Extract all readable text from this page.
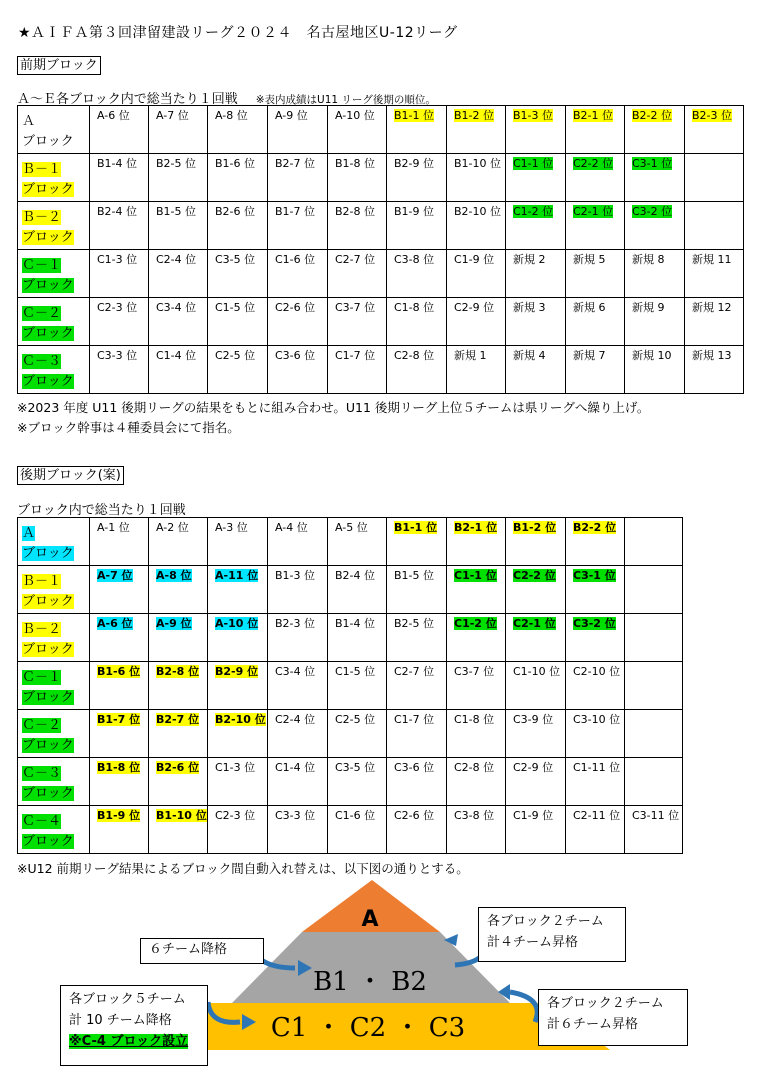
★ＡＩＦＡ第３回津留建設リーグ２０２４　名古屋地区U-12リーグ
前期ブロック
Ａ～Ｅ各ブロック内で総当たり１回戦 ※表内成績はU11 リーグ後期の順位。
Ａ
ブロック	A-6 位	A-7 位	A-8 位	A-9 位	A-10 位	B1-1 位	B1-2 位	B1-3 位	B2-1 位	B2-2 位	B2-3 位

Ｂ－１
ブロック	B1-4 位	B2-5 位	B1-6 位	B2-7 位	B1-8 位	B2-9 位	B1-10 位	C1-1 位	C2-2 位	C3-1 位	

Ｂ－２
ブロック	B2-4 位	B1-5 位	B2-6 位	B1-7 位	B2-8 位	B1-9 位	B2-10 位	C1-2 位	C2-1 位	C3-2 位	

Ｃ－１
ブロック	C1-3 位	C2-4 位	C3-5 位	C1-6 位	C2-7 位	C3-8 位	C1-9 位	新規 2	新規 5	新規 8	新規 11

Ｃ－２
ブロック	C2-3 位	C3-4 位	C1-5 位	C2-6 位	C3-7 位	C1-8 位	C2-9 位	新規 3	新規 6	新規 9	新規 12

Ｃ－３
ブロック	C3-3 位	C1-4 位	C2-5 位	C3-6 位	C1-7 位	C2-8 位	新規 1	新規 4	新規 7	新規 10	新規 13
※2023 年度 U11 後期リーグの結果をもとに組み合わせ。U11 後期リーグ上位５チームは県リーグへ繰り上げ。
※ブロック幹事は４種委員会にて指名。
後期ブロック(案)
ブロック内で総当たり１回戦
Ａ
ブロック	A-1 位	A-2 位	A-3 位	A-4 位	A-5 位	B1-1 位	B2-1 位	B1-2 位	B2-2 位	

Ｂ－１
ブロック	A-7 位	A-8 位	A-11 位	B1-3 位	B2-4 位	B1-5 位	C1-1 位	C2-2 位	C3-1 位	

Ｂ－２
ブロック	A-6 位	A-9 位	A-10 位	B2-3 位	B1-4 位	B2-5 位	C1-2 位	C2-1 位	C3-2 位	

Ｃ－１
ブロック	B1-6 位	B2-8 位	B2-9 位	C3-4 位	C1-5 位	C2-7 位	C3-7 位	C1-10 位	C2-10 位	

Ｃ－２
ブロック	B1-7 位	B2-7 位	B2-10 位	C2-4 位	C2-5 位	C1-7 位	C1-8 位	C3-9 位	C3-10 位	

Ｃ－３
ブロック	B1-8 位	B2-6 位	C1-3 位	C1-4 位	C3-5 位	C3-6 位	C2-8 位	C2-9 位	C1-11 位	

Ｃ－４
ブロック	B1-9 位	B1-10 位	C2-3 位	C3-3 位	C1-6 位	C2-6 位	C3-8 位	C1-9 位	C2-11 位	C3-11 位
※U12 前期リーグ結果によるブロック間自動入れ替えは、以下図の通りとする。
A
B1 ・ B2
C1 ・ C2 ・ C3
６チーム降格
各ブロック２チーム
計４チーム昇格
各ブロック５チーム
計 10 チーム降格
※C-4 ブロック設立
各ブロック２チーム
計６チーム昇格
